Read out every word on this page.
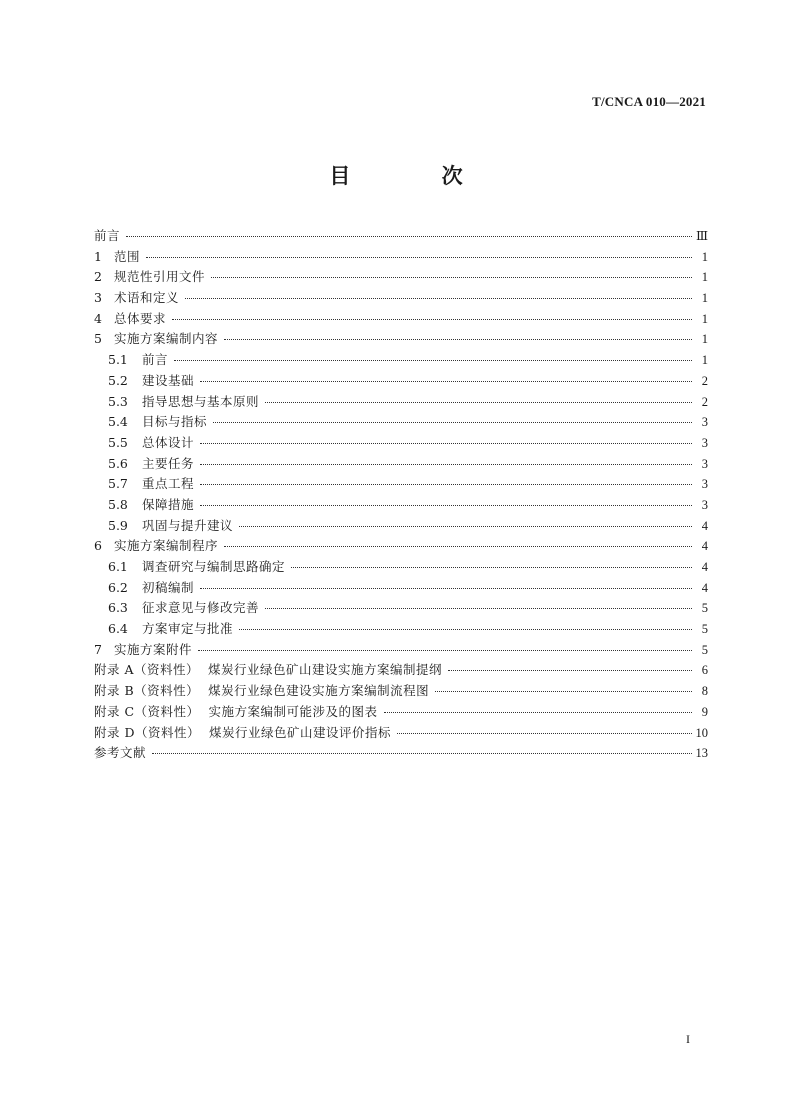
T/CNCA 010—2021
目 次
前言	Ⅲ
1 范围	1
2 规范性引用文件	1
3 术语和定义	1
4 总体要求	1
5 实施方案编制内容	1
5.1	前言	1
5.2	建设基础	2
5.3	指导思想与基本原则	2
5.4	目标与指标	3
5.5	总体设计	3
5.6	主要任务	3
5.7	重点工程	3
5.8	保障措施	3
5.9	巩固与提升建议	4
6 实施方案编制程序	4
6.1	调查研究与编制思路确定	4
6.2	初稿编制	4
6.3	征求意见与修改完善	5
6.4	方案审定与批准	5
7 实施方案附件	5
附录 A（资料性）  煤炭行业绿色矿山建设实施方案编制提纲	6
附录 B（资料性）  煤炭行业绿色建设实施方案编制流程图	8
附录 C（资料性）  实施方案编制可能涉及的图表	9
附录 D（资料性）  煤炭行业绿色矿山建设评价指标	10
参考文献	13
I
